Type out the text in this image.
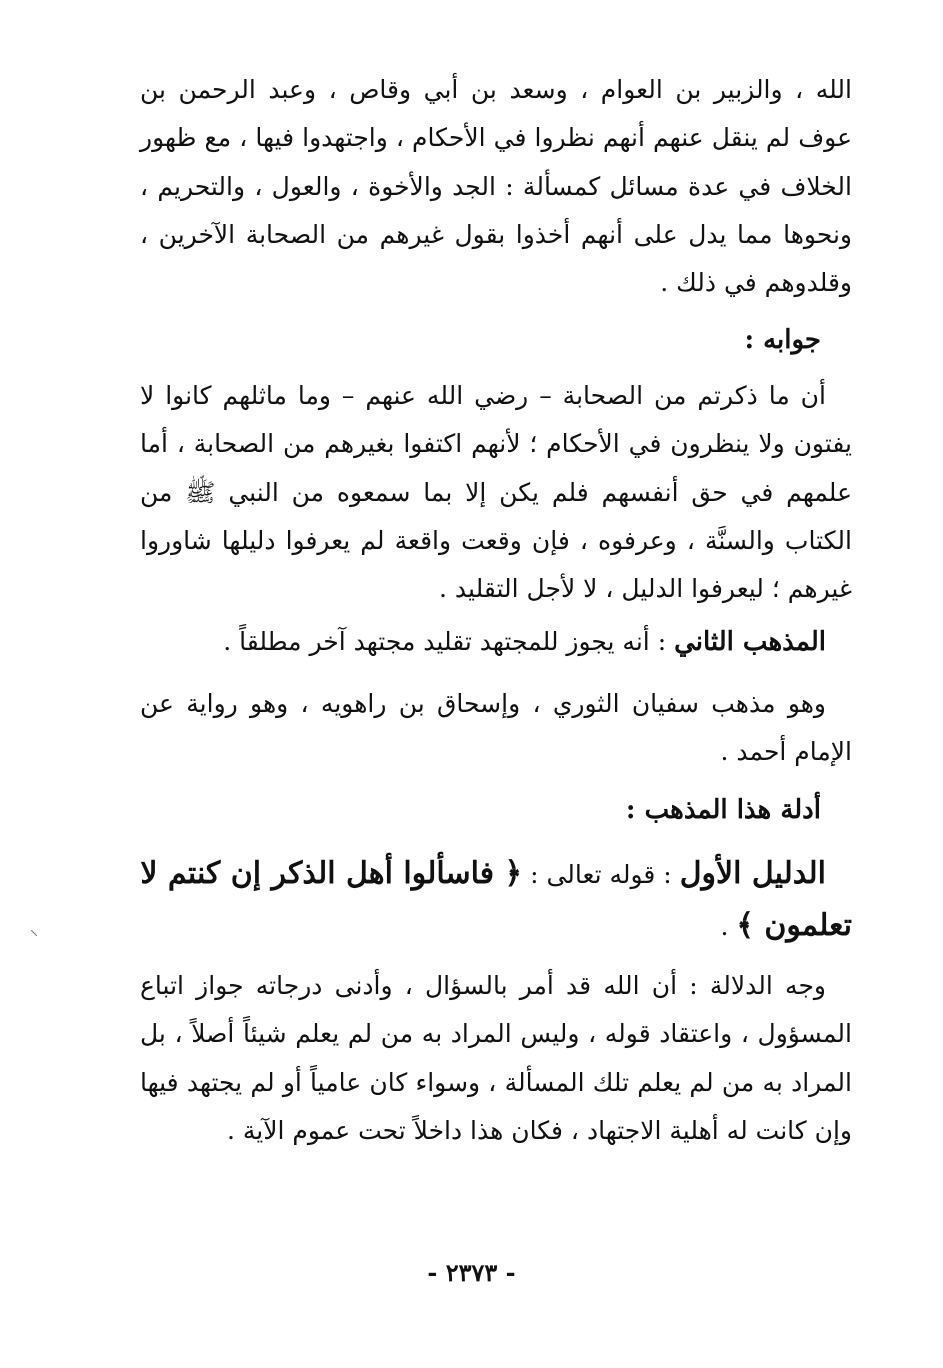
الله ، والزبير بن العوام ، وسعد بن أبي وقاص ، وعبد الرحمن بن عوف لم ينقل عنهم أنهم نظروا في الأحكام ، واجتهدوا فيها ، مع ظهور الخلاف في عدة مسائل كمسألة : الجد والأخوة ، والعول ، والتحريم ، ونحوها مما يدل على أنهم أخذوا بقول غيرهم من الصحابة الآخرين ، وقلدوهم في ذلك .

جوابه :

أن ما ذكرتم من الصحابة – رضي الله عنهم – وما ماثلهم كانوا لا يفتون ولا ينظرون في الأحكام ؛ لأنهم اكتفوا بغيرهم من الصحابة ، أما علمهم في حق أنفسهم فلم يكن إلا بما سمعوه من النبي ﷺ من الكتاب والسنَّة ، وعرفوه ، فإن وقعت واقعة لم يعرفوا دليلها شاوروا غيرهم ؛ ليعرفوا الدليل ، لا لأجل التقليد .

المذهب الثاني : أنه يجوز للمجتهد تقليد مجتهد آخر مطلقاً .

وهو مذهب سفيان الثوري ، وإسحاق بن راهويه ، وهو رواية عن الإمام أحمد .

أدلة هذا المذهب :

الدليل الأول : قوله تعالى : ﴿ فاسألوا أهل الذكر إن كنتم لا

تعلمون ﴾ .

وجه الدلالة : أن الله قد أمر بالسؤال ، وأدنى درجاته جواز اتباع المسؤول ، واعتقاد قوله ، وليس المراد به من لم يعلم شيئاً أصلاً ، بل المراد به من لم يعلم تلك المسألة ، وسواء كان عامياً أو لم يجتهد فيها وإن كانت له أهلية الاجتهاد ، فكان هذا داخلاً تحت عموم الآية .

- ٢٣٧٣ -
